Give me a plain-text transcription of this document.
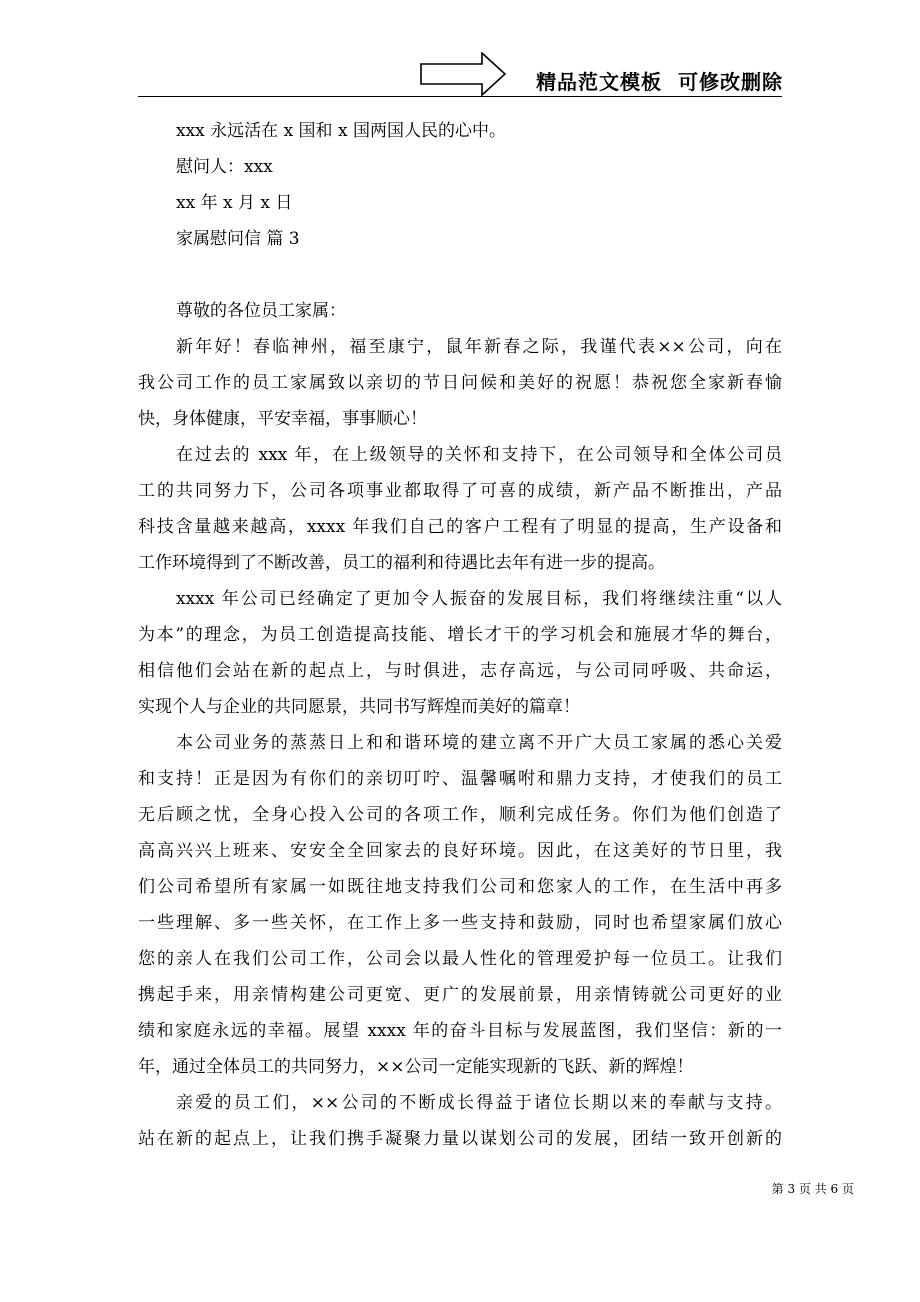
精品范文模板  可修改删除
xxx 永远活在 x 国和 x 国两国人民的心中。
慰问人：xxx
xx 年 x 月 x 日
家属慰问信 篇 3
尊敬的各位员工家属：
新年好！春临神州，福至康宁，鼠年新春之际，我谨代表××公司，向在
我公司工作的员工家属致以亲切的节日问候和美好的祝愿！恭祝您全家新春愉
快，身体健康，平安幸福，事事顺心！
在过去的 xxx 年，在上级领导的关怀和支持下，在公司领导和全体公司员
工的共同努力下，公司各项事业都取得了可喜的成绩，新产品不断推出，产品
科技含量越来越高，xxxx 年我们自己的客户工程有了明显的提高，生产设备和
工作环境得到了不断改善，员工的福利和待遇比去年有进一步的提高。
xxxx 年公司已经确定了更加令人振奋的发展目标，我们将继续注重“以人
为本”的理念，为员工创造提高技能、增长才干的学习机会和施展才华的舞台，
相信他们会站在新的起点上，与时俱进，志存高远，与公司同呼吸、共命运，
实现个人与企业的共同愿景，共同书写辉煌而美好的篇章！
本公司业务的蒸蒸日上和和谐环境的建立离不开广大员工家属的悉心关爱
和支持！正是因为有你们的亲切叮咛、温馨嘱咐和鼎力支持，才使我们的员工
无后顾之忧，全身心投入公司的各项工作，顺利完成任务。你们为他们创造了
高高兴兴上班来、安安全全回家去的良好环境。因此，在这美好的节日里，我
们公司希望所有家属一如既往地支持我们公司和您家人的工作，在生活中再多
一些理解、多一些关怀，在工作上多一些支持和鼓励，同时也希望家属们放心
您的亲人在我们公司工作，公司会以最人性化的管理爱护每一位员工。让我们
携起手来，用亲情构建公司更宽、更广的发展前景，用亲情铸就公司更好的业
绩和家庭永远的幸福。展望 xxxx 年的奋斗目标与发展蓝图，我们坚信：新的一
年，通过全体员工的共同努力，××公司一定能实现新的飞跃、新的辉煌！
亲爱的员工们，××公司的不断成长得益于诸位长期以来的奉献与支持。
站在新的起点上，让我们携手凝聚力量以谋划公司的发展，团结一致开创新的
第 3 页 共 6 页
